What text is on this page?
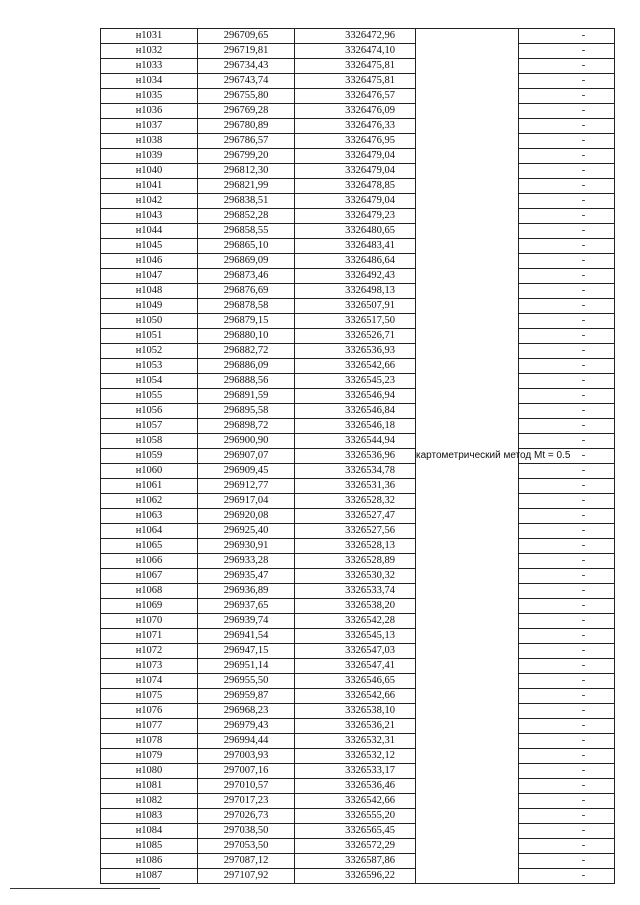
н1031	296709,65	3326472,96	картометрический метод Mt = 0.5	-
н1032	296719,81	3326474,10		-
н1033	296734,43	3326475,81		-
н1034	296743,74	3326475,81		-
н1035	296755,80	3326476,57		-
н1036	296769,28	3326476,09		-
н1037	296780,89	3326476,33		-
н1038	296786,57	3326476,95		-
н1039	296799,20	3326479,04		-
н1040	296812,30	3326479,04		-
н1041	296821,99	3326478,85		-
н1042	296838,51	3326479,04		-
н1043	296852,28	3326479,23		-
н1044	296858,55	3326480,65		-
н1045	296865,10	3326483,41		-
н1046	296869,09	3326486,64		-
н1047	296873,46	3326492,43		-
н1048	296876,69	3326498,13		-
н1049	296878,58	3326507,91		-
н1050	296879,15	3326517,50		-
н1051	296880,10	3326526,71		-
н1052	296882,72	3326536,93		-
н1053	296886,09	3326542,66		-
н1054	296888,56	3326545,23		-
н1055	296891,59	3326546,94		-
н1056	296895,58	3326546,84		-
н1057	296898,72	3326546,18		-
н1058	296900,90	3326544,94		-
н1059	296907,07	3326536,96		-
н1060	296909,45	3326534,78		-
н1061	296912,77	3326531,36		-
н1062	296917,04	3326528,32		-
н1063	296920,08	3326527,47		-
н1064	296925,40	3326527,56		-
н1065	296930,91	3326528,13		-
н1066	296933,28	3326528,89		-
н1067	296935,47	3326530,32		-
н1068	296936,89	3326533,74		-
н1069	296937,65	3326538,20		-
н1070	296939,74	3326542,28		-
н1071	296941,54	3326545,13		-
н1072	296947,15	3326547,03		-
н1073	296951,14	3326547,41		-
н1074	296955,50	3326546,65		-
н1075	296959,87	3326542,66		-
н1076	296968,23	3326538,10		-
н1077	296979,43	3326536,21		-
н1078	296994,44	3326532,31		-
н1079	297003,93	3326532,12		-
н1080	297007,16	3326533,17		-
н1081	297010,57	3326536,46		-
н1082	297017,23	3326542,66		-
н1083	297026,73	3326555,20		-
н1084	297038,50	3326565,45		-
н1085	297053,50	3326572,29		-
н1086	297087,12	3326587,86		-
н1087	297107,92	3326596,22		-
